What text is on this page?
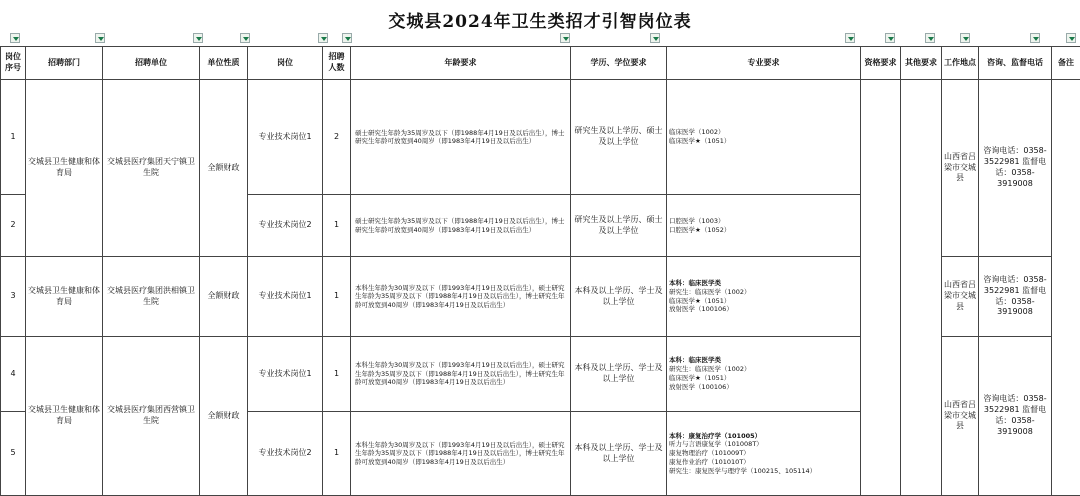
交城县2024年卫生类招才引智岗位表
岗位序号	招聘部门	招聘单位	单位性质	岗位	招聘人数	年龄要求	学历、学位要求	专业要求	资格要求	其他要求	工作地点	咨询、监督电话	备注
1	交城县卫生健康和体育局	交城县医疗集团天宁镇卫生院	全额财政	专业技术岗位1	2	硕士研究生年龄为35周岁及以下（即1988年4月19日及以后出生），博士研究生年龄可放宽到40周岁（即1983年4月19日及以后出生）	研究生及以上学历、硕士及以上学位	临床医学（1002）
临床医学★（1051）			山西省吕梁市交城县	咨询电话：0358-3522981 监督电话：0358-3919008	
2				专业技术岗位2	1	硕士研究生年龄为35周岁及以下（即1988年4月19日及以后出生），博士研究生年龄可放宽到40周岁（即1983年4月19日及以后出生）	研究生及以上学历、硕士及以上学位	口腔医学（1003）
口腔医学★（1052）					

3	交城县卫生健康和体育局	交城县医疗集团洪相镇卫生院	全额财政	专业技术岗位1	1	本科生年龄为30周岁及以下（即1993年4月19日及以后出生），硕士研究生年龄为35周岁及以下（即1988年4月19日及以后出生），博士研究生年龄可放宽到40周岁（即1983年4月19日及以后出生）	本科及以上学历、学士及以上学位	本科：临床医学类
研究生：临床医学（1002）
临床医学★（1051）
放射医学（100106）			山西省吕梁市交城县	咨询电话：0358-3522981 监督电话：0358-3919008	
4	交城县卫生健康和体育局	交城县医疗集团西营镇卫生院	全额财政	专业技术岗位1	1	本科生年龄为30周岁及以下（即1993年4月19日及以后出生），硕士研究生年龄为35周岁及以下（即1988年4月19日及以后出生），博士研究生年龄可放宽到40周岁（即1983年4月19日及以后出生）	本科及以上学历、学士及以上学位	本科：临床医学类
研究生：临床医学（1002）
临床医学★（1051）
放射医学（100106）			山西省吕梁市交城县	咨询电话：0358-3522981 监督电话：0358-3919008	
5				专业技术岗位2	1	本科生年龄为30周岁及以下（即1993年4月19日及以后出生），硕士研究生年龄为35周岁及以下（即1988年4月19日及以后出生），博士研究生年龄可放宽到40周岁（即1983年4月19日及以后出生）	本科及以上学历、学士及以上学位	本科：康复治疗学（101005）
听力与言语康复学（101008T）
康复物理治疗（101009T）
康复作业治疗（101010T）
研究生：康复医学与理疗学（100215、105114）					
